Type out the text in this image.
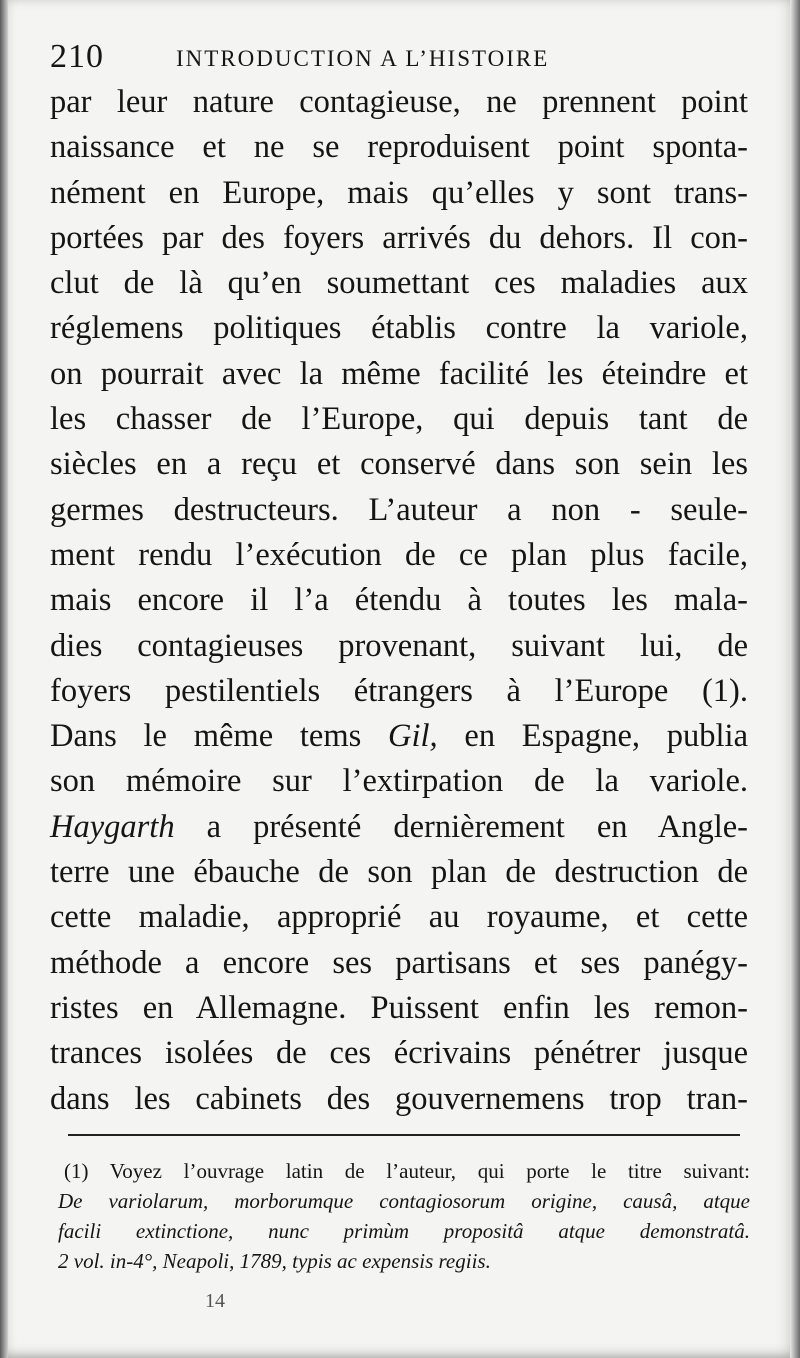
210	INTRODUCTION A L’HISTOIRE
par leur nature contagieuse, ne prennent point
naissance et ne se reproduisent point sponta-
nément en Europe, mais qu’elles y sont trans-
portées par des foyers arrivés du dehors. Il con-
clut de là qu’en soumettant ces maladies aux
réglemens politiques établis contre la variole,
on pourrait avec la même facilité les éteindre et
les chasser de l’Europe, qui depuis tant de
siècles en a reçu et conservé dans son sein les
germes destructeurs. L’auteur a non - seule-
ment rendu l’exécution de ce plan plus facile,
mais encore il l’a étendu à toutes les mala-
dies contagieuses provenant, suivant lui, de
foyers pestilentiels étrangers à l’Europe (1).
Dans le même tems Gil, en Espagne, publia
son mémoire sur l’extirpation de la variole.
Haygarth a présenté dernièrement en Angle-
terre une ébauche de son plan de destruction de
cette maladie, approprié au royaume, et cette
méthode a encore ses partisans et ses panégy-
ristes en Allemagne. Puissent enfin les remon-
trances isolées de ces écrivains pénétrer jusque
dans les cabinets des gouvernemens trop tran-
(1) Voyez l’ouvrage latin de l’auteur, qui porte le titre suivant:
De variolarum, morborumque contagiosorum origine, causâ, atque
facili extinctione, nunc primùm propositâ atque demonstratâ.
2 vol. in-4°, Neapoli, 1789, typis ac expensis regiis.
14
